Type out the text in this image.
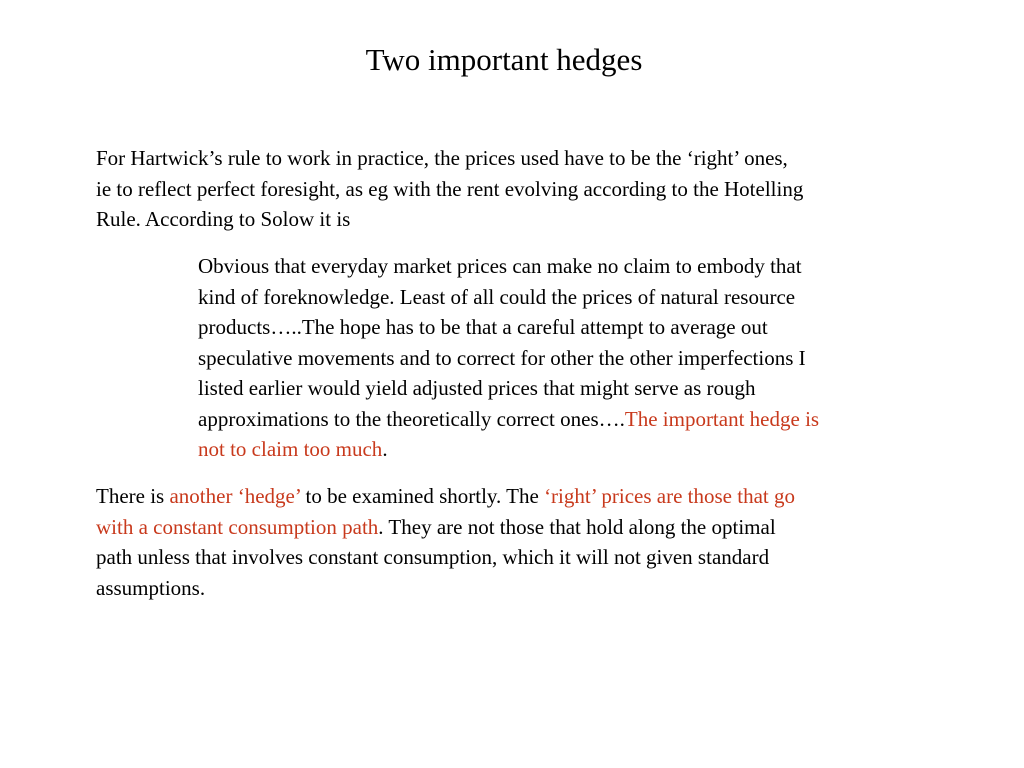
Two important hedges

For Hartwick’s rule to work in practice, the prices used have to be the ‘right’ ones,
ie to reflect perfect foresight, as eg with the rent evolving according to the Hotelling
Rule. According to Solow it is

Obvious that everyday market prices can make no claim to embody that
kind of foreknowledge. Least of all could the prices of natural resource
products…..The hope has to be that a careful attempt to average out
speculative movements and to correct for other the other imperfections I
listed earlier would yield adjusted prices that might serve as rough
approximations to the theoretically correct ones….The important hedge is
not to claim too much.

There is another ‘hedge’ to be examined shortly. The ‘right’ prices are those that go
with a constant consumption path. They are not those that hold along the optimal
path unless that involves constant consumption, which it will not given standard
assumptions.
